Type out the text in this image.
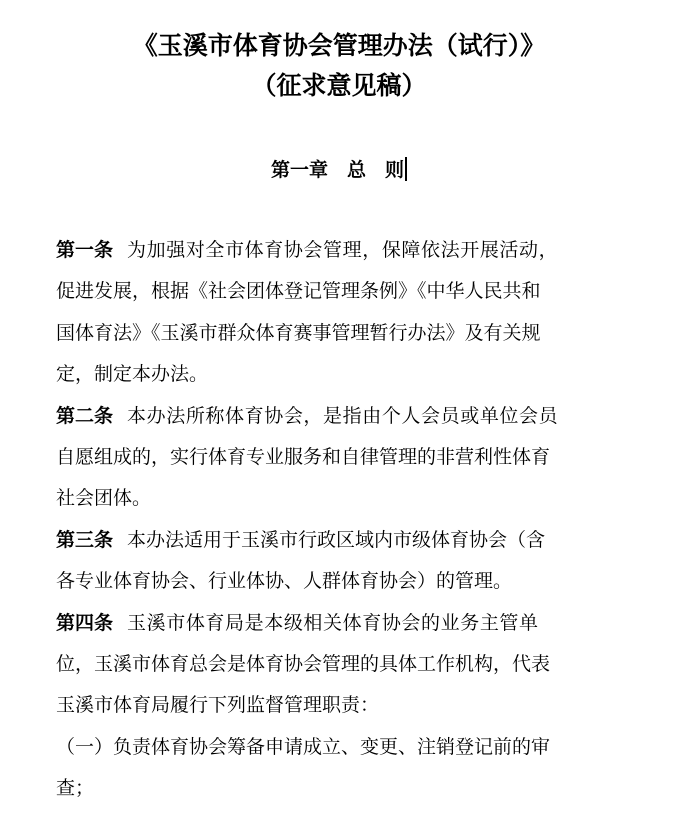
《玉溪市体育协会管理办法（试行）》
（征求意见稿）
第一章　总　则
第一条 为加强对全市体育协会管理，保障依法开展活动，
促进发展，根据《社会团体登记管理条例》《中华人民共和
国体育法》《玉溪市群众体育赛事管理暂行办法》及有关规
定，制定本办法。
第二条 本办法所称体育协会，是指由个人会员或单位会员
自愿组成的，实行体育专业服务和自律管理的非营利性体育
社会团体。
第三条 本办法适用于玉溪市行政区域内市级体育协会（含
各专业体育协会、行业体协、人群体育协会）的管理。
第四条 玉溪市体育局是本级相关体育协会的业务主管单
位，玉溪市体育总会是体育协会管理的具体工作机构，代表
玉溪市体育局履行下列监督管理职责：
（一）负责体育协会筹备申请成立、变更、注销登记前的审
查；
